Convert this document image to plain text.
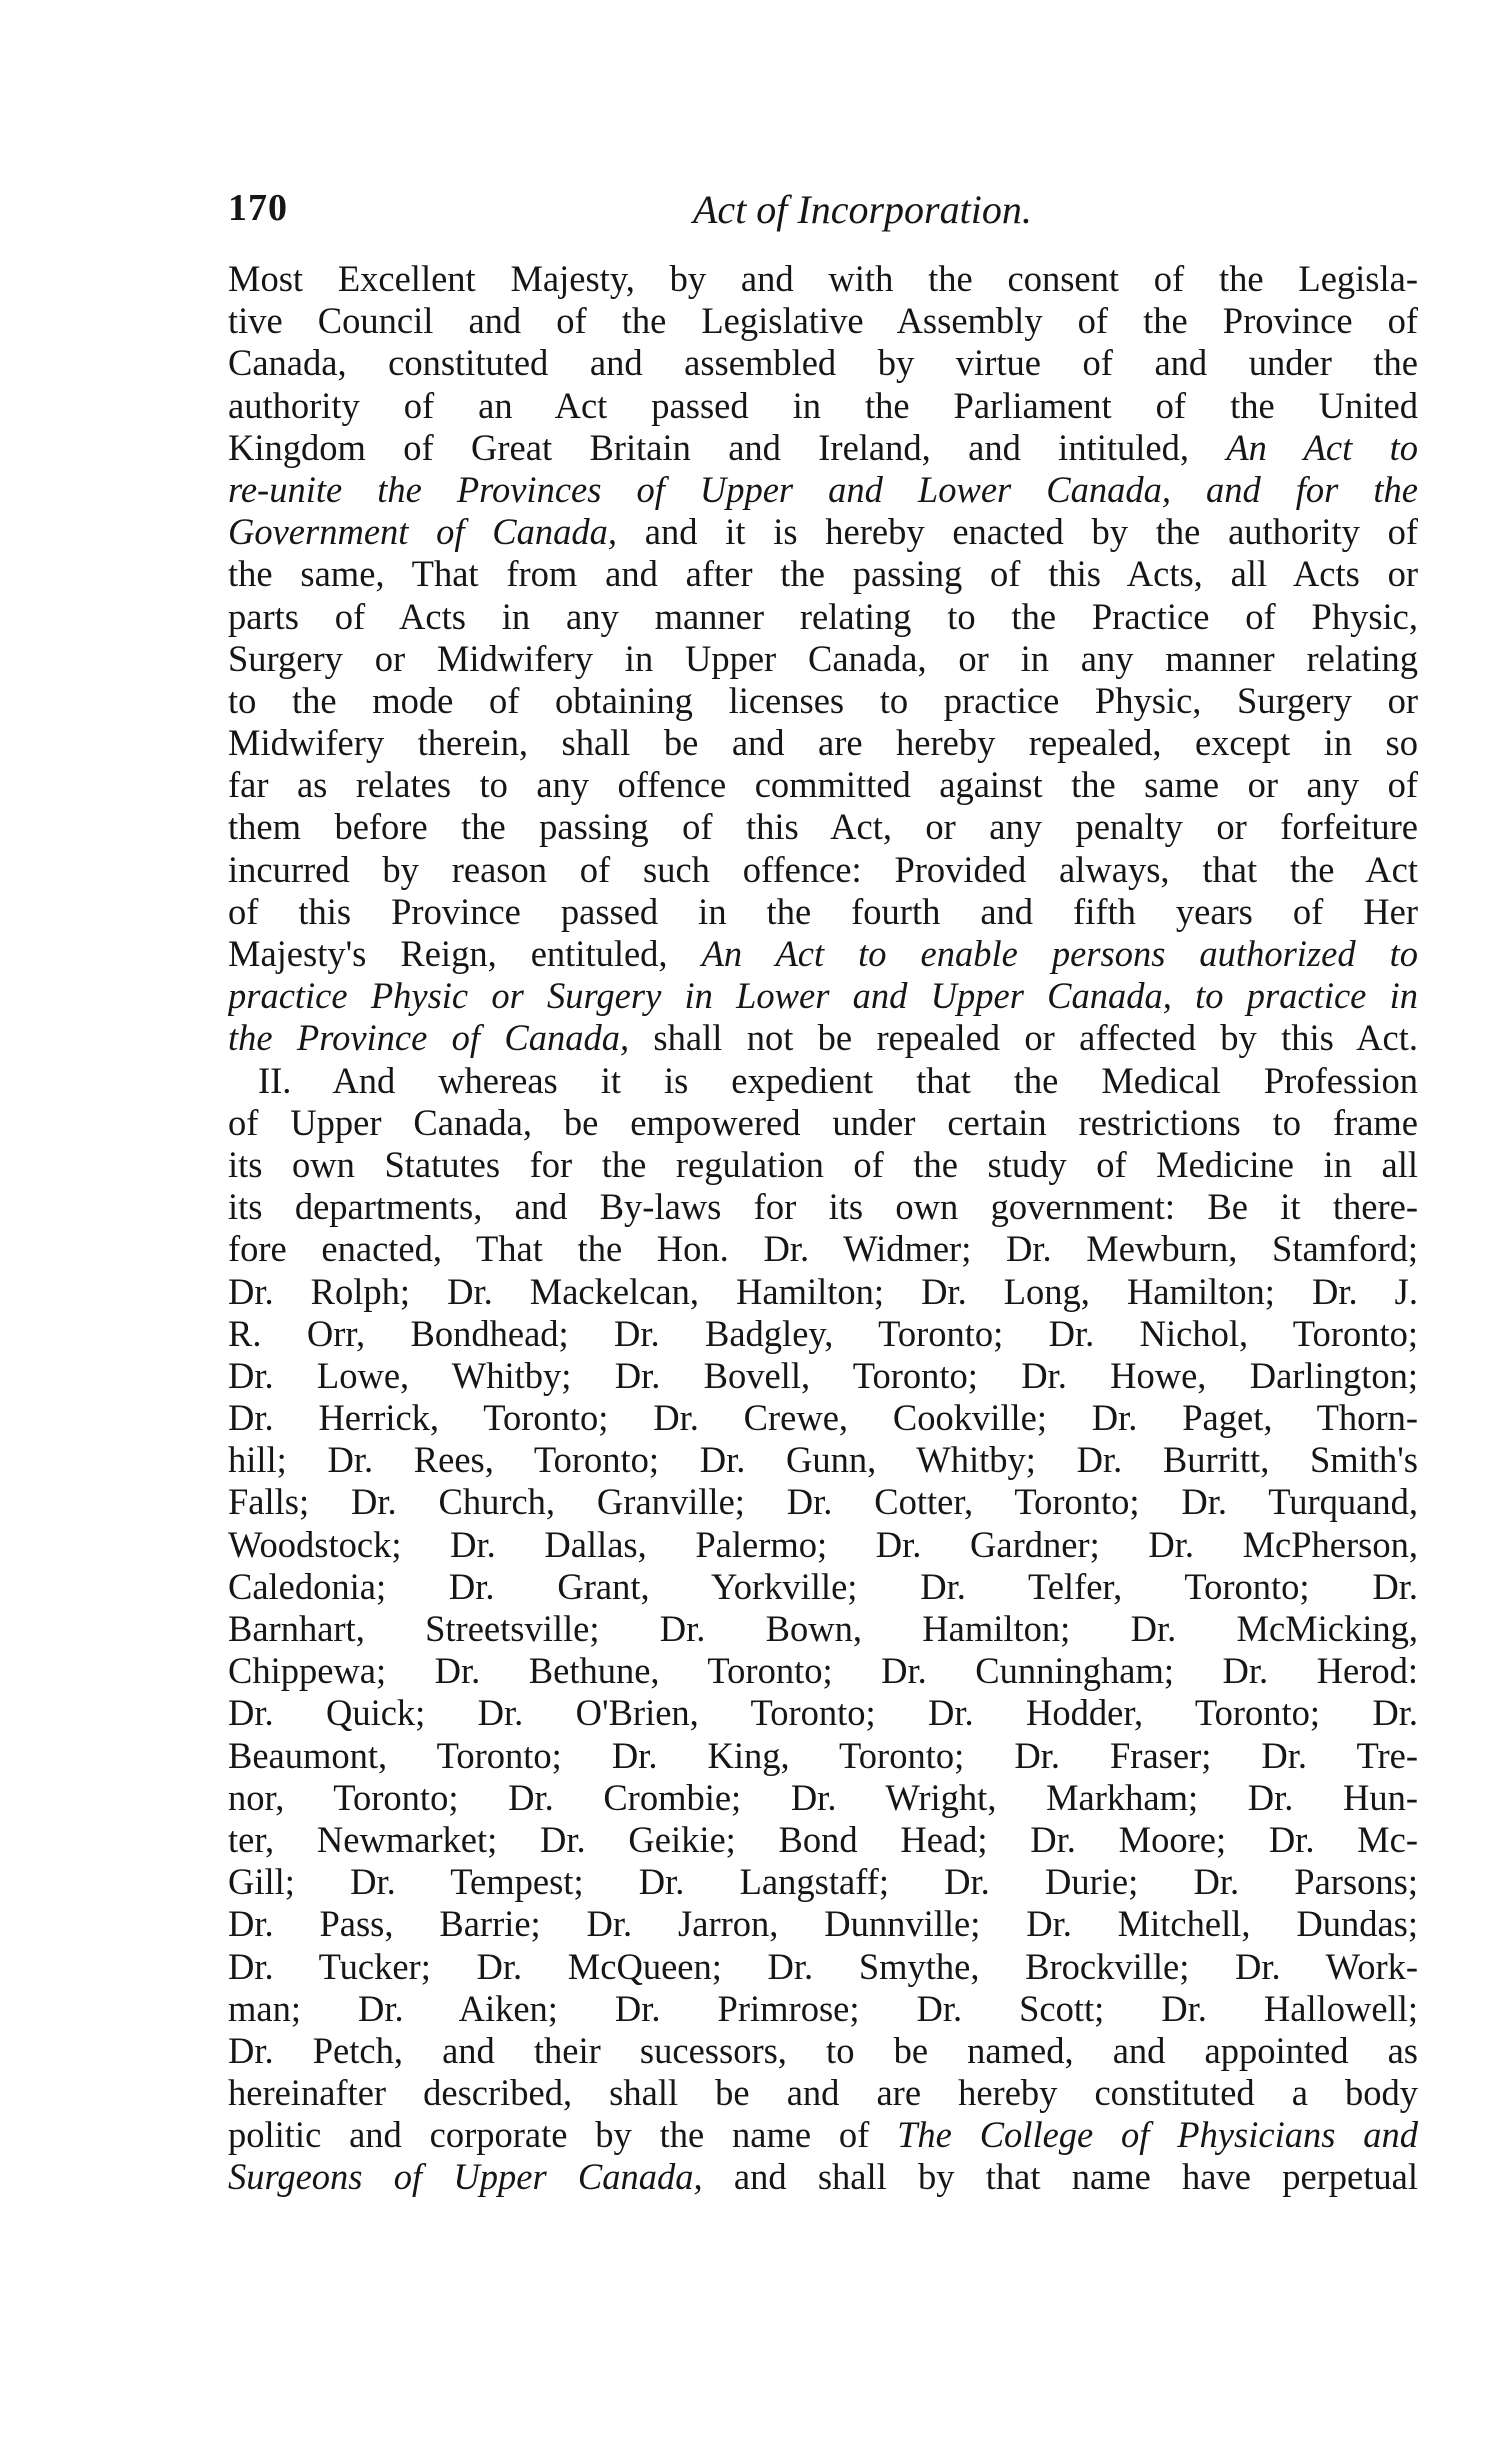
170	Act of Incorporation.
Most Excellent Majesty, by and with the consent of the Legisla-
tive Council and of the Legislative Assembly of the Province of
Canada, constituted and assembled by virtue of and under the
authority of an Act passed in the Parliament of the United
Kingdom of Great Britain and Ireland, and intituled, An Act to
re-unite the Provinces of Upper and Lower Canada, and for the
Government of Canada, and it is hereby enacted by the authority of
the same, That from and after the passing of this Acts, all Acts or
parts of Acts in any manner relating to the Practice of Physic,
Surgery or Midwifery in Upper Canada, or in any manner relating
to the mode of obtaining licenses to practice Physic, Surgery or
Midwifery therein, shall be and are hereby repealed, except in so
far as relates to any offence committed against the same or any of
them before the passing of this Act, or any penalty or forfeiture
incurred by reason of such offence: Provided always, that the Act
of this Province passed in the fourth and fifth years of Her
Majesty's Reign, entituled, An Act to enable persons authorized to
practice Physic or Surgery in Lower and Upper Canada, to practice in
the Province of Canada, shall not be repealed or affected by this Act.
II. And whereas it is expedient that the Medical Profession
of Upper Canada, be empowered under certain restrictions to frame
its own Statutes for the regulation of the study of Medicine in all
its departments, and By-laws for its own government: Be it there-
fore enacted, That the Hon. Dr. Widmer; Dr. Mewburn, Stamford;
Dr. Rolph; Dr. Mackelcan, Hamilton; Dr. Long, Hamilton; Dr. J.
R. Orr, Bondhead; Dr. Badgley, Toronto; Dr. Nichol, Toronto;
Dr. Lowe, Whitby; Dr. Bovell, Toronto; Dr. Howe, Darlington;
Dr. Herrick, Toronto; Dr. Crewe, Cookville; Dr. Paget, Thorn-
hill; Dr. Rees, Toronto; Dr. Gunn, Whitby; Dr. Burritt, Smith's
Falls; Dr. Church, Granville; Dr. Cotter, Toronto; Dr. Turquand,
Woodstock; Dr. Dallas, Palermo; Dr. Gardner; Dr. McPherson,
Caledonia; Dr. Grant, Yorkville; Dr. Telfer, Toronto; Dr.
Barnhart, Streetsville; Dr. Bown, Hamilton; Dr. McMicking,
Chippewa; Dr. Bethune, Toronto; Dr. Cunningham; Dr. Herod:
Dr. Quick; Dr. O'Brien, Toronto; Dr. Hodder, Toronto; Dr.
Beaumont, Toronto; Dr. King, Toronto; Dr. Fraser; Dr. Tre-
nor, Toronto; Dr. Crombie; Dr. Wright, Markham; Dr. Hun-
ter, Newmarket; Dr. Geikie; Bond Head; Dr. Moore; Dr. Mc-
Gill; Dr. Tempest; Dr. Langstaff; Dr. Durie; Dr. Parsons;
Dr. Pass, Barrie; Dr. Jarron, Dunnville; Dr. Mitchell, Dundas;
Dr. Tucker; Dr. McQueen; Dr. Smythe, Brockville; Dr. Work-
man; Dr. Aiken; Dr. Primrose; Dr. Scott; Dr. Hallowell;
Dr. Petch, and their sucessors, to be named, and appointed as
hereinafter described, shall be and are hereby constituted a body
politic and corporate by the name of The College of Physicians and
Surgeons of Upper Canada, and shall by that name have perpetual
